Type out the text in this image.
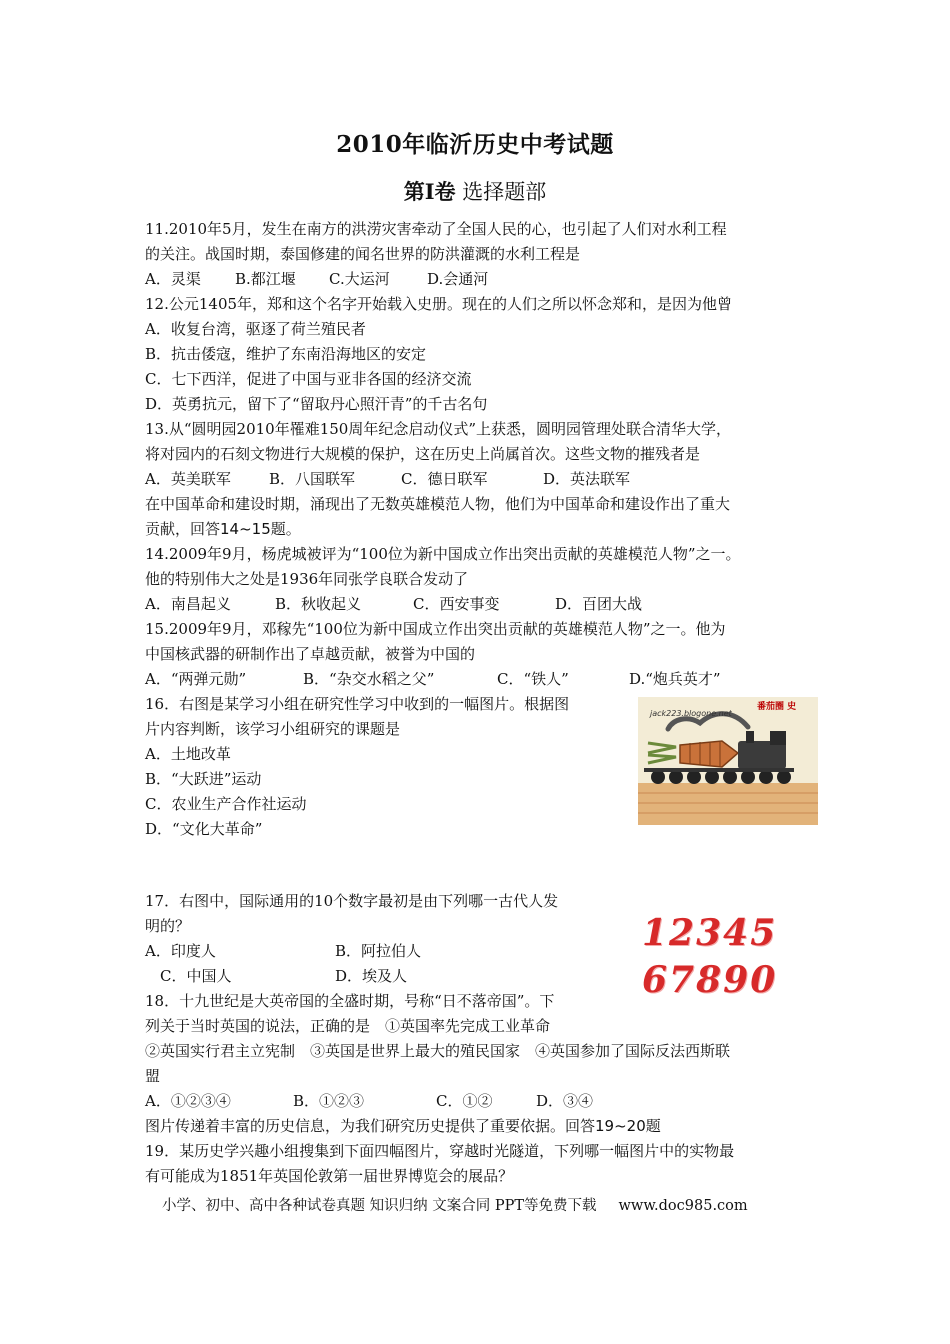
2010年临沂历史中考试题
第Ⅰ卷 选择题部
11.2010年5月，发生在南方的洪涝灾害牵动了全国人民的心，也引起了人们对水利工程
的关注。战国时期，泰国修建的闻名世界的防洪灌溉的水利工程是
A．灵渠 B.都江堰 C.大运河 D.会通河
12.公元1405年，郑和这个名字开始载入史册。现在的人们之所以怀念郑和，是因为他曾
A．收复台湾，驱逐了荷兰殖民者
B．抗击倭寇，维护了东南沿海地区的安定
C．七下西洋，促进了中国与亚非各国的经济交流
D．英勇抗元，留下了“留取丹心照汗青”的千古名句
13.从“圆明园2010年罹难150周年纪念启动仪式”上获悉，圆明园管理处联合清华大学，
将对园内的石刻文物进行大规模的保护，这在历史上尚属首次。这些文物的摧残者是
A．英美联军	B．八国联军	C．德日联军	D．英法联军
在中国革命和建设时期，涌现出了无数英雄模范人物，他们为中国革命和建设作出了重大
贡献，回答14~15题。
14.2009年9月，杨虎城被评为“100位为新中国成立作出突出贡献的英雄模范人物”之一。
他的特别伟大之处是1936年同张学良联合发动了
A．南昌起义	B．秋收起义	C．西安事变	D．百团大战
15.2009年9月，邓稼先“100位为新中国成立作出突出贡献的英雄模范人物”之一。他为
中国核武器的研制作出了卓越贡献，被誉为中国的
A．“两弹元勋”	B．“杂交水稻之父”	C．“铁人”	D.“炮兵英才”
16．右图是某学习小组在研究性学习中收到的一幅图片。根据图
片内容判断，该学习小组研究的课题是
A．土地改革
B．“大跃进”运动
C．农业生产合作社运动
D．“文化大革命”
jack223.blogone.net
番茄圈 史
17．右图中，国际通用的10个数字最初是由下列哪一古代人发
明的？
A．印度人	B．阿拉伯人
C．中国人	D．埃及人
12345
67890
18．十九世纪是大英帝国的全盛时期，号称“日不落帝国”。下
列关于当时英国的说法，正确的是　①英国率先完成工业革命
②英国实行君主立宪制　③英国是世界上最大的殖民国家　④英国参加了国际反法西斯联
盟
A．①②③④	B．①②③	C．①②	D．③④
图片传递着丰富的历史信息，为我们研究历史提供了重要依据。回答19~20题
19．某历史学兴趣小组搜集到下面四幅图片，穿越时光隧道，下列哪一幅图片中的实物最
有可能成为1851年英国伦敦第一届世界博览会的展品？
小学、初中、高中各种试卷真题 知识归纳 文案合同 PPT等免费下载 www.doc985.com
